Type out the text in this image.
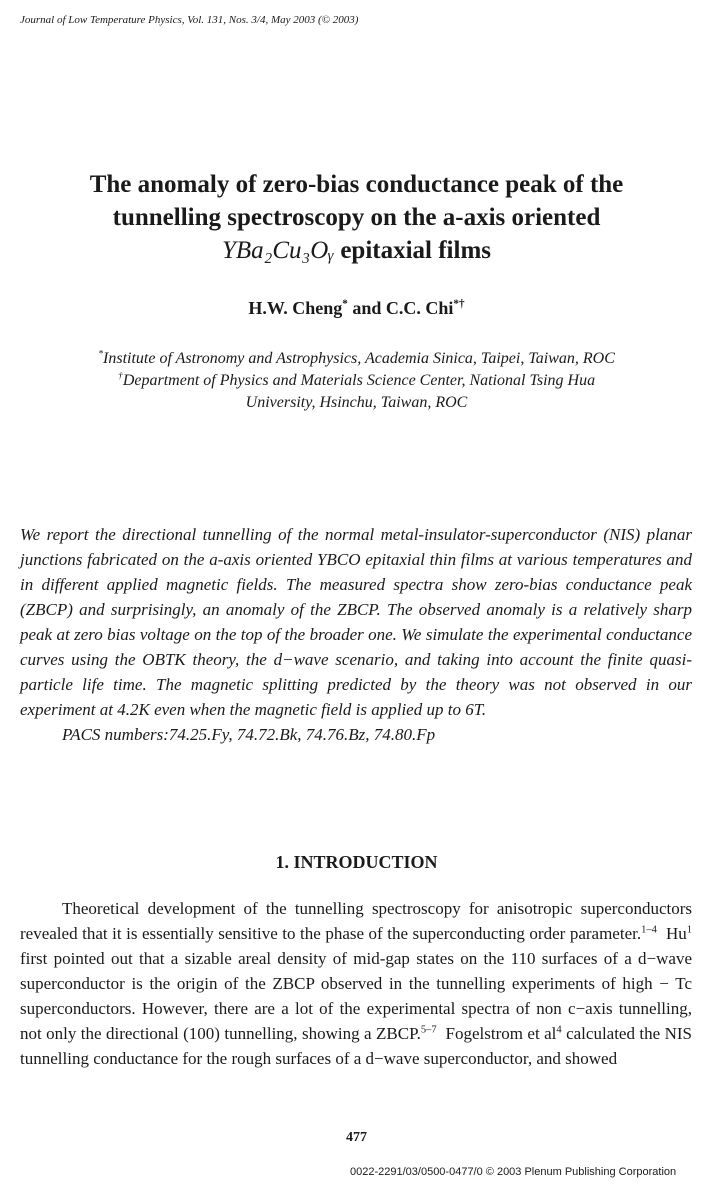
Journal of Low Temperature Physics, Vol. 131, Nos. 3/4, May 2003 (© 2003)
The anomaly of zero-bias conductance peak of the
tunnelling spectroscopy on the a-axis oriented
YBa₂Cu₃Oᵧ epitaxial films
H.W. Cheng* and C.C. Chi*†
*Institute of Astronomy and Astrophysics, Academia Sinica, Taipei, Taiwan, ROC
†Department of Physics and Materials Science Center, National Tsing Hua
University, Hsinchu, Taiwan, ROC
We report the directional tunnelling of the normal metal-insulator-superconductor (NIS) planar junctions fabricated on the a-axis oriented YBCO epitaxial thin films at various temperatures and in different applied magnetic fields. The measured spectra show zero-bias conductance peak (ZBCP) and surprisingly, an anomaly of the ZBCP. The observed anomaly is a relatively sharp peak at zero bias voltage on the top of the broader one. We simulate the experimental conductance curves using the OBTK theory, the d−wave scenario, and taking into account the finite quasi-particle life time. The magnetic splitting predicted by the theory was not observed in our experiment at 4.2K even when the magnetic field is applied up to 6T.
PACS numbers:74.25.Fy, 74.72.Bk, 74.76.Bz, 74.80.Fp
1. INTRODUCTION
Theoretical development of the tunnelling spectroscopy for anisotropic superconductors revealed that it is essentially sensitive to the phase of the superconducting order parameter.$^{1-4}$  Hu$^1$ first pointed out that a sizable areal density of mid-gap states on the 110 surfaces of a d−wave superconductor is the origin of the ZBCP observed in the tunnelling experiments of high − Tc superconductors. However, there are a lot of the experimental spectra of non c−axis tunnelling, not only the directional (100) tunnelling, showing a ZBCP.$^{5-7}$  Fogelstrom et $al^4$ calculated the NIS tunnelling conductance for the rough surfaces of a d−wave superconductor, and showed
477
0022-2291/03/0500-0477/0 © 2003 Plenum Publishing Corporation
